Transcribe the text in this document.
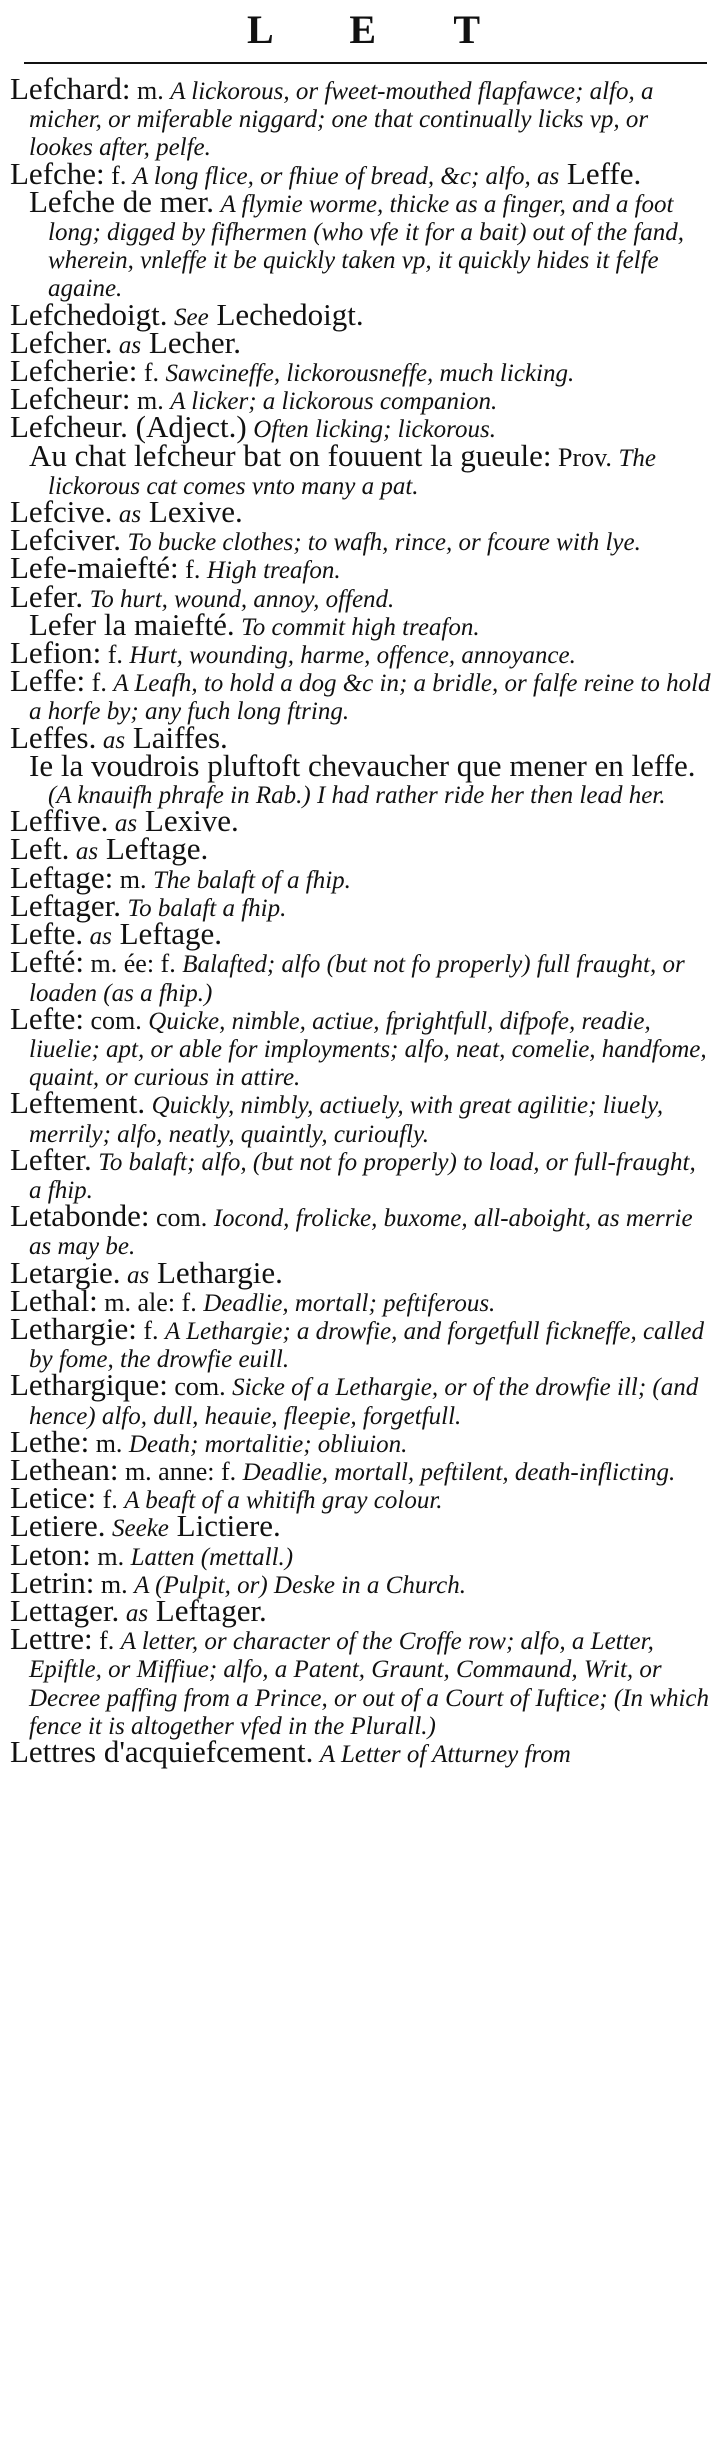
L E T
Lefchard: m. A lickorous, or fweet-mouthed flapfawce; alfo, a micher, or miferable niggard; one that continually licks vp, or lookes after, pelfe.
Lefche: f. A long flice, or fhiue of bread, &c; alfo, as Leffe.
Lefche de mer. A flymie worme, thicke as a finger, and a foot long; digged by fifhermen (who vfe it for a bait) out of the fand, wherein, vnleffe it be quickly taken vp, it quickly hides it felfe againe.
Lefchedoigt. See Lechedoigt.
Lefcher. as Lecher.
Lefcherie: f. Sawcineffe, lickorousneffe, much licking.
Lefcheur: m. A licker; a lickorous companion.
Lefcheur. (Adject.) Often licking; lickorous.
Au chat lefcheur bat on fouuent la gueule: Prov. The lickorous cat comes vnto many a pat.
Lefcive. as Lexive.
Lefciver. To bucke clothes; to wafh, rince, or fcoure with lye.
Lefe-maiefté: f. High treafon.
Lefer. To hurt, wound, annoy, offend.
Lefer la maiefté. To commit high treafon.
Lefion: f. Hurt, wounding, harme, offence, annoyance.
Leffe: f. A Leafh, to hold a dog &c in; a bridle, or falfe reine to hold a horfe by; any fuch long ftring.
Leffes. as Laiffes.
Ie la voudrois pluftoft chevaucher que mener en leffe. (A knauifh phrafe in Rab.) I had rather ride her then lead her.
Leffive. as Lexive.
Left. as Leftage.
Leftage: m. The balaft of a fhip.
Leftager. To balaft a fhip.
Lefte. as Leftage.
Lefté: m. ée: f. Balafted; alfo (but not fo properly) full fraught, or loaden (as a fhip.)
Lefte: com. Quicke, nimble, actiue, fprightfull, difpofe, readie, liuelie; apt, or able for imployments; alfo, neat, comelie, handfome, quaint, or curious in attire.
Leftement. Quickly, nimbly, actiuely, with great agilitie; liuely, merrily; alfo, neatly, quaintly, curioufly.
Lefter. To balaft; alfo, (but not fo properly) to load, or full-fraught, a fhip.
Letabonde: com. Iocond, frolicke, buxome, all-aboight, as merrie as may be.
Letargie. as Lethargie.
Lethal: m. ale: f. Deadlie, mortall; peftiferous.
Lethargie: f. A Lethargie; a drowfie, and forgetfull fickneffe, called by fome, the drowfie euill.
Lethargique: com. Sicke of a Lethargie, or of the drowfie ill; (and hence) alfo, dull, heauie, fleepie, forgetfull.
Lethe: m. Death; mortalitie; obliuion.
Lethean: m. anne: f. Deadlie, mortall, peftilent, death-inflicting.
Letice: f. A beaft of a whitifh gray colour.
Letiere. Seeke Lictiere.
Leton: m. Latten (mettall.)
Letrin: m. A (Pulpit, or) Deske in a Church.
Lettager. as Leftager.
Lettre: f. A letter, or character of the Croffe row; alfo, a Letter, Epiftle, or Miffiue; alfo, a Patent, Graunt, Commaund, Writ, or Decree paffing from a Prince, or out of a Court of Iuftice; (In which fence it is altogether vfed in the Plurall.)
Lettres d'acquiefcement. A Letter of Atturney from
